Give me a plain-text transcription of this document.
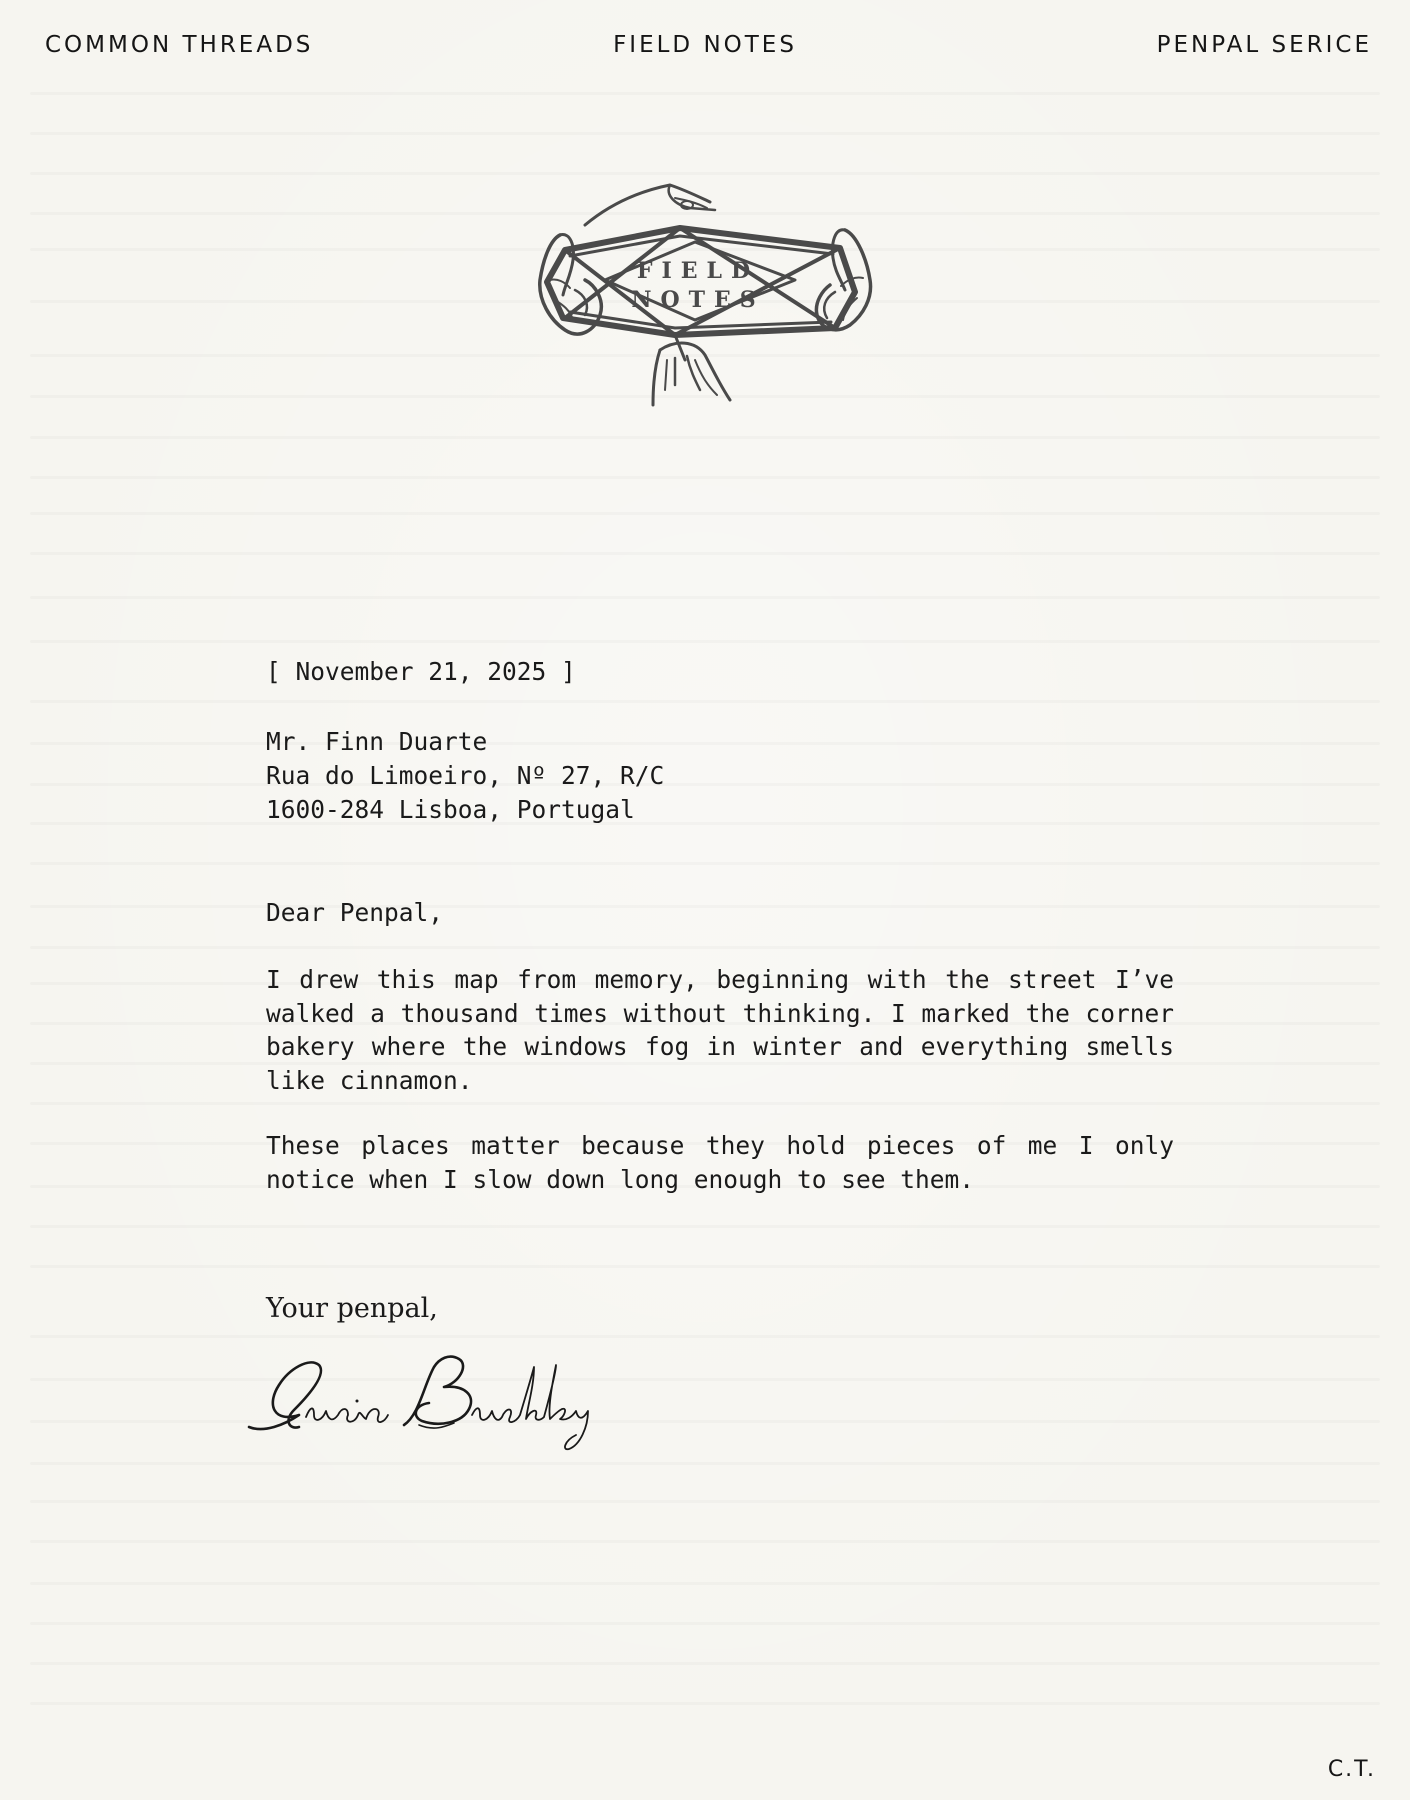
COMMON THREADS	FIELD NOTES	PENPAL SERICE
FIELD
NOTES
[ November 21, 2025 ]
Mr. Finn Duarte
Rua do Limoeiro, Nº 27, R/C
1600-284 Lisboa, Portugal
Dear Penpal,
I drew this map from memory, beginning with the street I’ve walked a thousand times without thinking. I marked the corner bakery where the windows fog in winter and everything smells like cinnamon.
These places matter because they hold pieces of me I only notice when I slow down long enough to see them.
Your penpal,
C.T.
